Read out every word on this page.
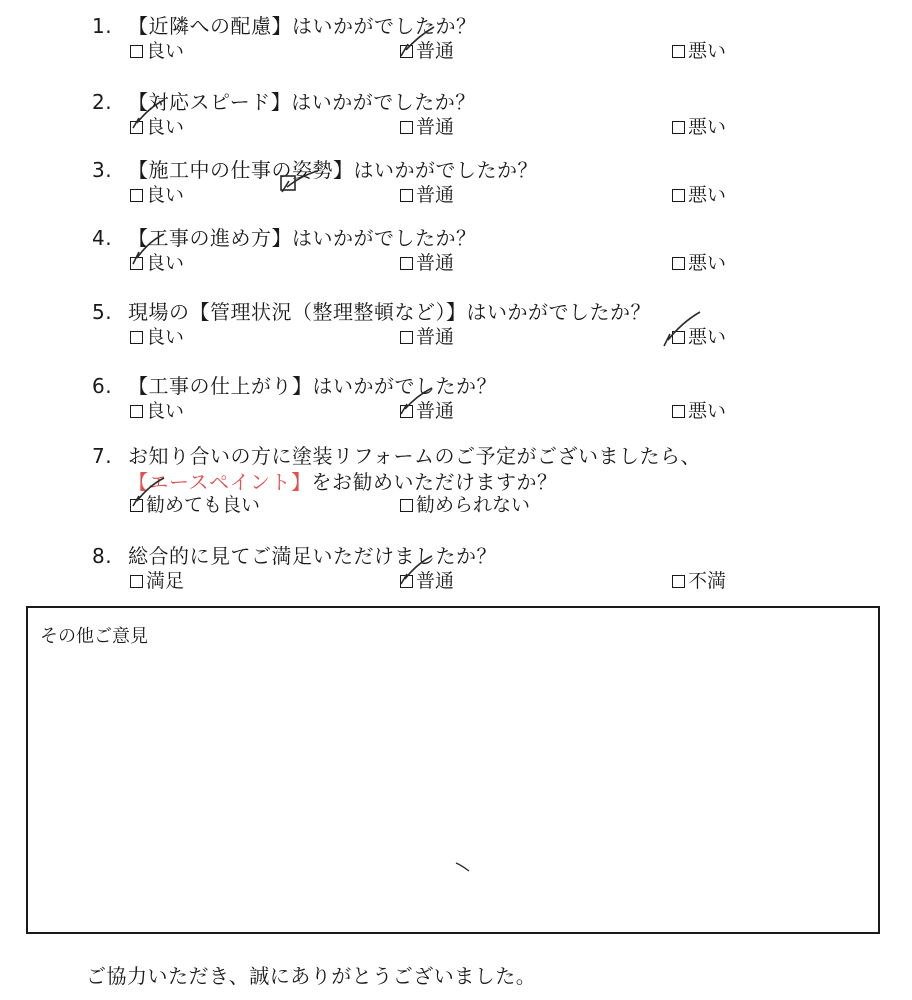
1. 【近隣への配慮】はいかがでしたか？
良い	普通	悪い
2. 【対応スピード】はいかがでしたか？
良い	普通	悪い
3. 【施工中の仕事の姿勢】はいかがでしたか？
良い	普通	悪い
4. 【工事の進め方】はいかがでしたか？
良い	普通	悪い
5. 現場の【管理状況（整理整頓など）】はいかがでしたか？
良い	普通	悪い
6. 【工事の仕上がり】はいかがでしたか？
良い	普通	悪い
7. お知り合いの方に塗装リフォームのご予定がございましたら、
【エースペイント】をお勧めいただけますか？
勧めても良い	勧められない
8. 総合的に見てご満足いただけましたか？
満足	普通	不満
その他ご意見
ご協力いただき、誠にありがとうございました。
